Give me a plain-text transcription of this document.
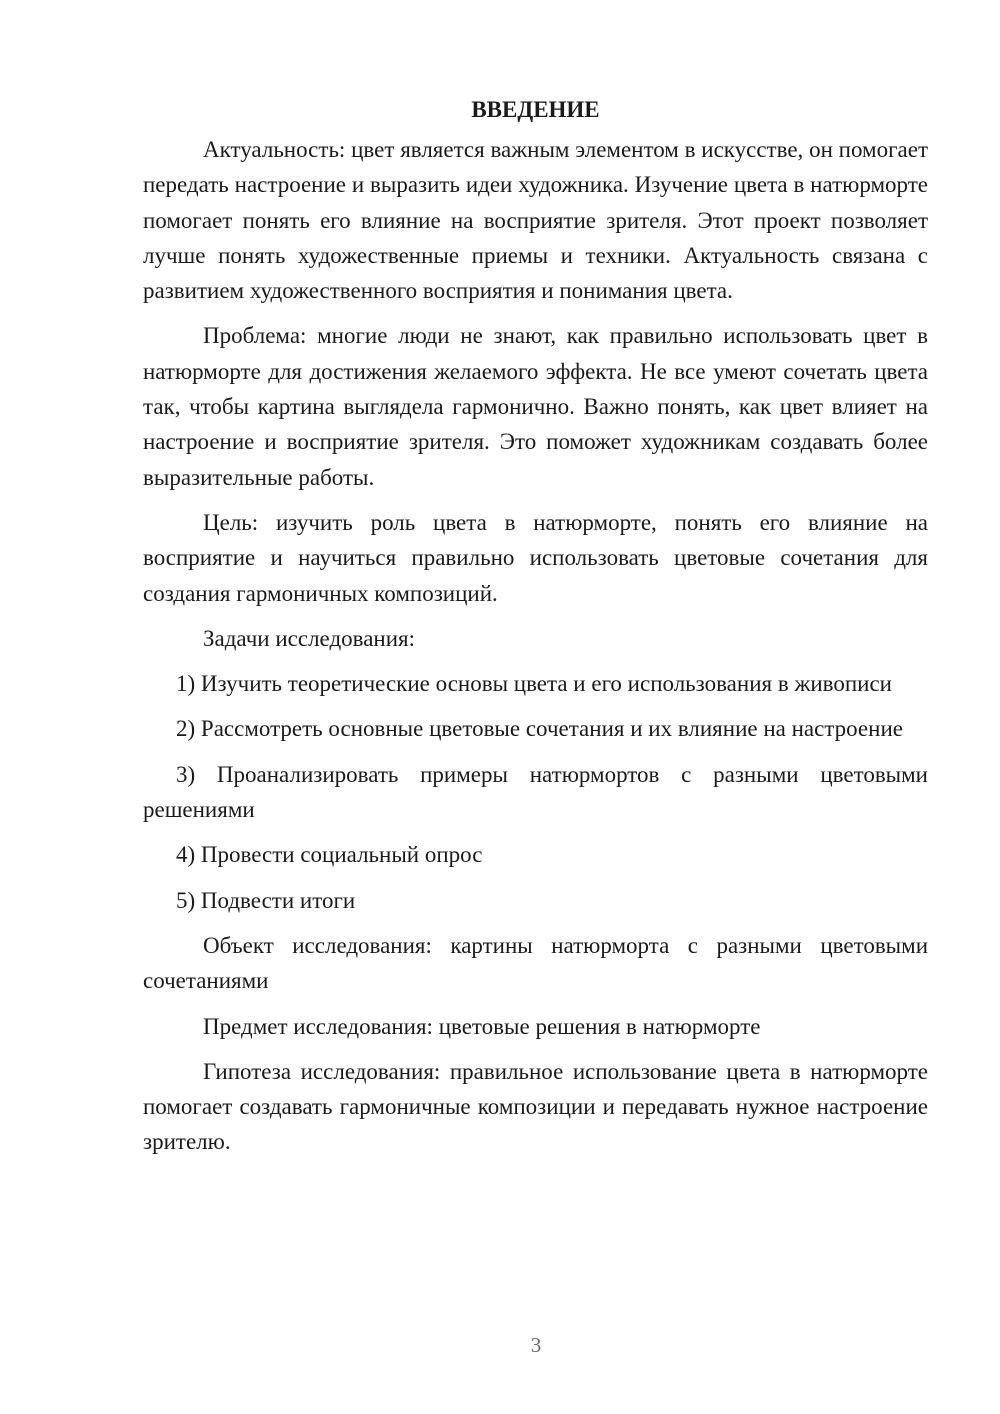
ВВЕДЕНИЕ

Актуальность: цвет является важным элементом в искусстве, он помогает передать настроение и выразить идеи художника. Изучение цвета в натюрморте помогает понять его влияние на восприятие зрителя. Этот проект позволяет лучше понять художественные приемы и техники. Актуальность связана с развитием художественного восприятия и понимания цвета.

Проблема: многие люди не знают, как правильно использовать цвет в натюрморте для достижения желаемого эффекта. Не все умеют сочетать цвета так, чтобы картина выглядела гармонично. Важно понять, как цвет влияет на настроение и восприятие зрителя. Это поможет художникам создавать более выразительные работы.

Цель: изучить роль цвета в натюрморте, понять его влияние на восприятие и научиться правильно использовать цветовые сочетания для создания гармоничных композиций.

Задачи исследования:

1) Изучить теоретические основы цвета и его использования в живописи

2) Рассмотреть основные цветовые сочетания и их влияние на настроение

3) Проанализировать примеры натюрмортов с разными цветовыми решениями

4) Провести социальный опрос

5) Подвести итоги

Объект исследования: картины натюрморта с разными цветовыми сочетаниями

Предмет исследования: цветовые решения в натюрморте

Гипотеза исследования: правильное использование цвета в натюрморте помогает создавать гармоничные композиции и передавать нужное настроение зрителю.

3
